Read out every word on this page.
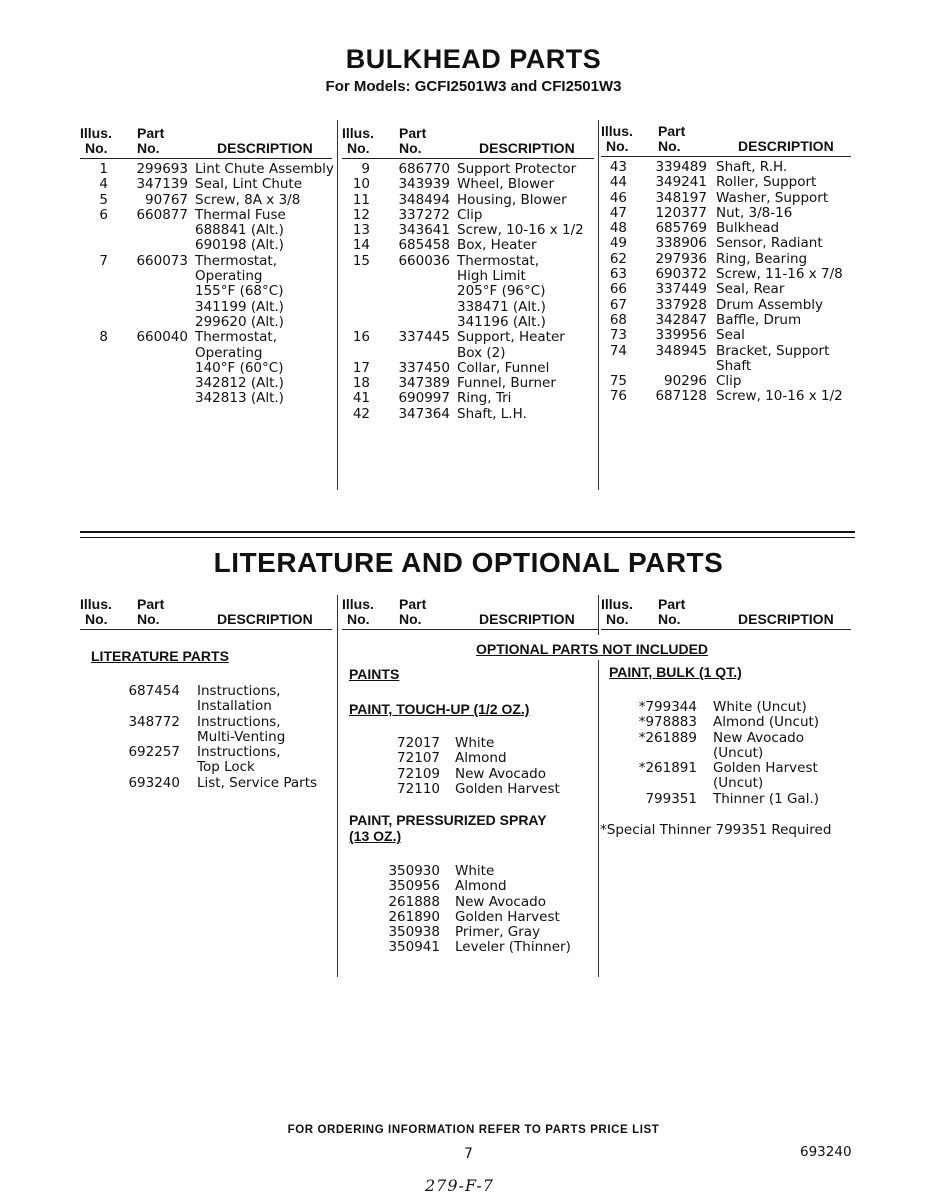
BULKHEAD PARTS
For Models: GCFI2501W3 and CFI2501W3
Illus.
No.
Part
No.	DESCRIPTION
1 299693 Lint Chute Assembly
4 347139 Seal, Lint Chute
5	90767 Screw, 8A x 3/8
6 660877 Thermal Fuse
688841 (Alt.)
690198 (Alt.)
7 660073 Thermostat,
Operating
155°F (68°C)
341199 (Alt.)
299620 (Alt.)
8 660040 Thermostat,
Operating
140°F (60°C)
342812 (Alt.)
342813 (Alt.)
Illus.
No.
Part
No.	DESCRIPTION
9 686770 Support Protector
10 343939 Wheel, Blower
11 348494 Housing, Blower
12 337272 Clip
13 343641 Screw, 10-16 x 1/2
14 685458 Box, Heater
15 660036 Thermostat,
High Limit
205°F (96°C)
338471 (Alt.)
341196 (Alt.)
16 337445 Support, Heater
Box (2)
17 337450 Collar, Funnel
18 347389 Funnel, Burner
41 690997 Ring, Tri
42 347364 Shaft, L.H.
Illus.
No.
Part
No.	DESCRIPTION
43 339489 Shaft, R.H.
44 349241 Roller, Support
46 348197 Washer, Support
47 120377 Nut, 3/8-16
48 685769 Bulkhead
49 338906 Sensor, Radiant
62 297936 Ring, Bearing
63 690372 Screw, 11-16 x 7/8
66 337449 Seal, Rear
67 337928 Drum Assembly
68 342847 Baffle, Drum
73 339956 Seal
74 348945 Bracket, Support
Shaft
75	90296 Clip
76 687128 Screw, 10-16 x 1/2
LITERATURE AND OPTIONAL PARTS
Illus.
No.
Part
No.	DESCRIPTION
Illus.
No.
Part
No.	DESCRIPTION
Illus.
No.
Part
No.	DESCRIPTION
LITERATURE PARTS
687454 Instructions,
Installation
348772 Instructions,
Multi-Venting
692257 Instructions,
Top Lock
693240 List, Service Parts
OPTIONAL PARTS NOT INCLUDED
PAINTS
PAINT, TOUCH-UP (1/2 OZ.)
72017 White
72107 Almond
72109 New Avocado
72110 Golden Harvest
PAINT, PRESSURIZED SPRAY
(13 OZ.)
350930 White
350956 Almond
261888 New Avocado
261890 Golden Harvest
350938 Primer, Gray
350941 Leveler (Thinner)
PAINT, BULK (1 QT.)
*799344 White (Uncut)
*978883 Almond (Uncut)
*261889 New Avocado
(Uncut)
*261891 Golden Harvest
(Uncut)
799351 Thinner (1 Gal.)
*Special Thinner 799351 Required
FOR ORDERING INFORMATION REFER TO PARTS PRICE LIST
7	693240
279-F-7
